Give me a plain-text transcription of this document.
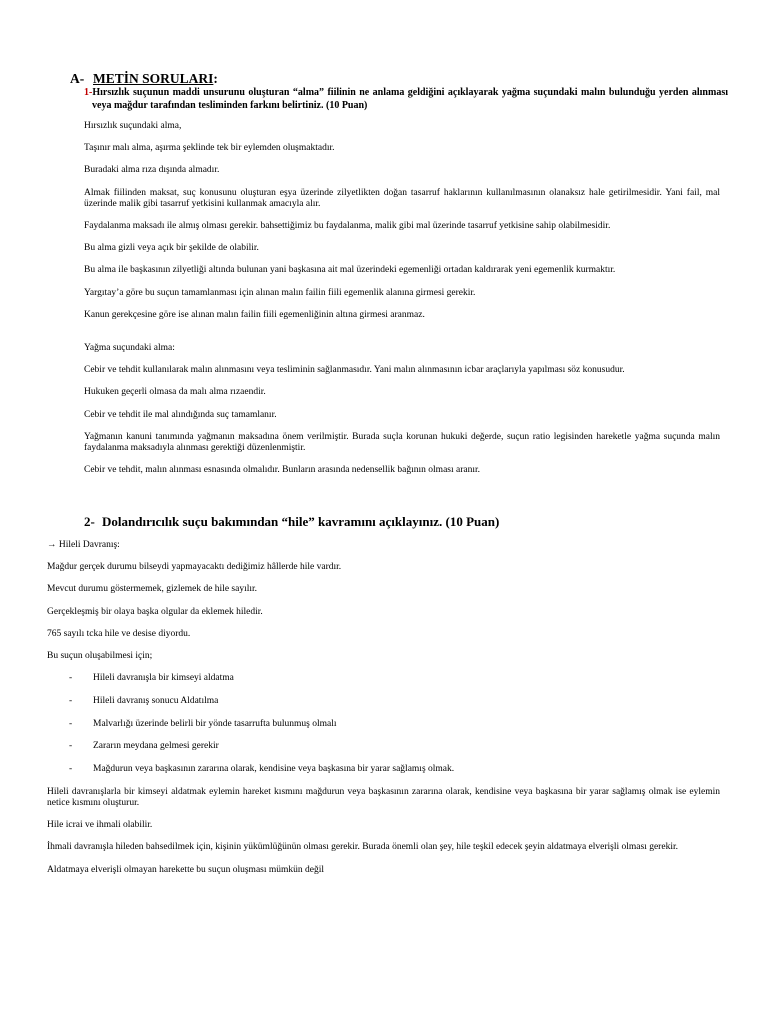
A- METİN SORULARI:
1-Hırsızlık suçunun maddi unsurunu oluşturan “alma” fiilinin ne anlama geldiğini açıklayarak yağma suçundaki malın bulunduğu yerden alınması veya mağdur tarafından tesliminden farkını belirtiniz. (10 Puan)

Hırsızlık suçundaki alma,

Taşınır malı alma, aşırma şeklinde tek bir eylemden oluşmaktadır.

Buradaki alma rıza dışında almadır.

Almak fiilinden maksat, suç konusunu oluşturan eşya üzerinde zilyetlikten doğan tasarruf haklarının kullanılmasının olanaksız hale getirilmesidir. Yani fail, mal üzerinde malik gibi tasarruf yetkisini kullanmak amacıyla alır.

Faydalanma maksadı ile almış olması gerekir. bahsettiğimiz bu faydalanma, malik gibi mal üzerinde tasarruf yetkisine sahip olabilmesidir.

Bu alma gizli veya açık bir şekilde de olabilir.

Bu alma ile başkasının zilyetliği altında bulunan yani başkasına ait mal üzerindeki egemenliği ortadan kaldırarak yeni egemenlik kurmaktır.

Yargıtay’a göre bu suçun tamamlanması için alınan malın failin fiili egemenlik alanına girmesi gerekir.

Kanun gerekçesine göre ise alınan malın failin fiili egemenliğinin altına girmesi aranmaz.

Yağma suçundaki alma:

Cebir ve tehdit kullanılarak malın alınmasını veya tesliminin sağlanmasıdır. Yani malın alınmasının icbar araçlarıyla yapılması söz konusudur.

Hukuken geçerli olmasa da malı alma rızaendir.

Cebir ve tehdit ile mal alındığında suç tamamlanır.

Yağmanın kanuni tanımında yağmanın maksadına önem verilmiştir. Burada suçla korunan hukuki değerde, suçun ratio legisinden hareketle yağma suçunda malın faydalanma maksadıyla alınması gerektiği düzenlenmiştir.

Cebir ve tehdit, malın alınması esnasında olmalıdır. Bunların arasında nedensellik bağının olması aranır.

2- Dolandırıcılık suçu bakımından “hile” kavramını açıklayınız. (10 Puan)

→ Hileli Davranış:

Mağdur gerçek durumu bilseydi yapmayacaktı dediğimiz hâllerde hile vardır.

Mevcut durumu göstermemek, gizlemek de hile sayılır.

Gerçekleşmiş bir olaya başka olgular da eklemek hiledir.

765 sayılı tcka hile ve desise diyordu.

Bu suçun oluşabilmesi için;

- Hileli davranışla bir kimseyi aldatma
- Hileli davranış sonucu Aldatılma
- Malvarlığı üzerinde belirli bir yönde tasarrufta bulunmuş olmalı
- Zararın meydana gelmesi gerekir
- Mağdurun veya başkasının zararına olarak, kendisine veya başkasına bir yarar sağlamış olmak.

Hileli davranışlarla bir kimseyi aldatmak eylemin hareket kısmını mağdurun veya başkasının zararına olarak, kendisine veya başkasına bir yarar sağlamış olmak ise eylemin netice kısmını oluşturur.

Hile icrai ve ihmali olabilir.

İhmali davranışla hileden bahsedilmek için, kişinin yükümlüğünün olması gerekir. Burada önemli olan şey, hile teşkil edecek şeyin aldatmaya elverişli olması gerekir.

Aldatmaya elverişli olmayan harekette bu suçun oluşması mümkün değil
